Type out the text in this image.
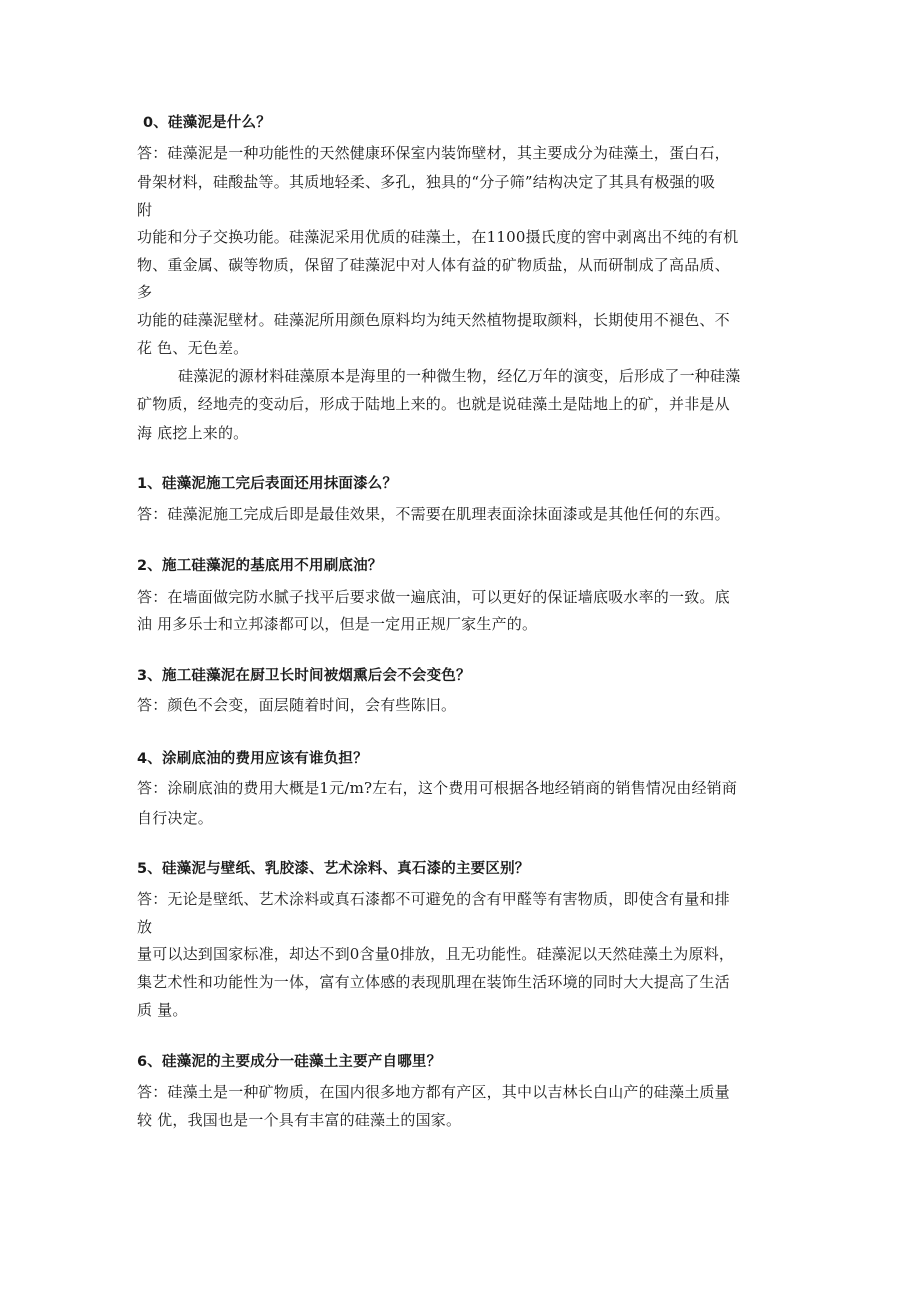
0、硅藻泥是什么？
答：硅藻泥是一种功能性的天然健康环保室内装饰壁材，其主要成分为硅藻土，蛋白石，
骨架材料，硅酸盐等。其质地轻柔、多孔，独具的“分子筛”结构决定了其具有极强的吸
附
功能和分子交换功能。硅藻泥采用优质的硅藻土，在1100摄氏度的窖中剥离出不纯的有机
物、重金属、碳等物质，保留了硅藻泥中对人体有益的矿物质盐，从而研制成了高品质、
多
功能的硅藻泥壁材。硅藻泥所用颜色原料均为纯天然植物提取颜料，长期使用不褪色、不
花 色、无色差。
硅藻泥的源材料硅藻原本是海里的一种微生物，经亿万年的演变，后形成了一种硅藻
矿物质，经地壳的变动后，形成于陆地上来的。也就是说硅藻土是陆地上的矿，并非是从
海 底挖上来的。
1、硅藻泥施工完后表面还用抹面漆么？
答：硅藻泥施工完成后即是最佳效果，不需要在肌理表面涂抹面漆或是其他任何的东西。
2、施工硅藻泥的基底用不用刷底油？
答：在墙面做完防水腻子找平后要求做一遍底油，可以更好的保证墙底吸水率的一致。底
油 用多乐士和立邦漆都可以，但是一定用正规厂家生产的。
3、施工硅藻泥在厨卫长时间被烟熏后会不会变色？
答：颜色不会变，面层随着时间，会有些陈旧。
4、涂刷底油的费用应该有谁负担？
答：涂刷底油的费用大概是1元/m?左右，这个费用可根据各地经销商的销售情况由经销商
自行决定。
5、硅藻泥与壁纸、乳胶漆、艺术涂料、真石漆的主要区别？
答：无论是壁纸、艺术涂料或真石漆都不可避免的含有甲醛等有害物质，即使含有量和排
放
量可以达到国家标准，却达不到0含量0排放，且无功能性。硅藻泥以天然硅藻土为原料，
集艺术性和功能性为一体，富有立体感的表现肌理在装饰生活环境的同时大大提高了生活
质 量。
6、硅藻泥的主要成分一硅藻土主要产自哪里？
答：硅藻土是一种矿物质，在国内很多地方都有产区，其中以吉林长白山产的硅藻土质量
较 优，我国也是一个具有丰富的硅藻土的国家。
